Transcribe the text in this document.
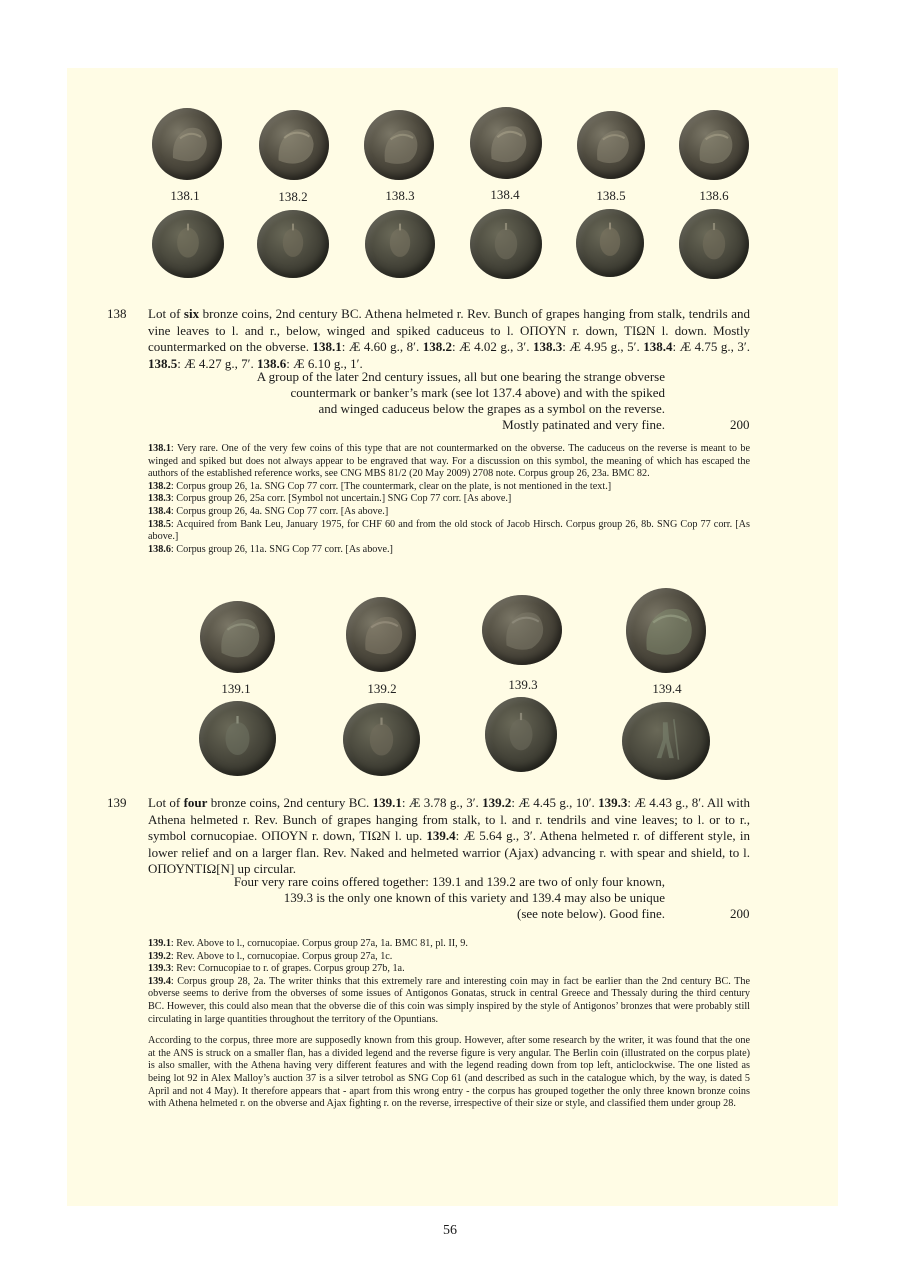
138.1	138.2	138.3	138.4	138.5	138.6
138 Lot of six bronze coins, 2nd century BC. Athena helmeted r. Rev. Bunch of grapes hanging from stalk, tendrils and vine leaves to l. and r., below, winged and spiked caduceus to l. ΟΠΟΥΝ r. down, ΤΙΩΝ l. down. Mostly countermarked on the obverse. 138.1: Æ 4.60 g., 8′. 138.2: Æ 4.02 g., 3′. 138.3: Æ 4.95 g., 5′. 138.4: Æ 4.75 g., 3′. 138.5: Æ 4.27 g., 7′. 138.6: Æ 6.10 g., 1′.
A group of the later 2nd century issues, all but one bearing the strange obverse
countermark or banker’s mark (see lot 137.4 above) and with the spiked
and winged caduceus below the grapes as a symbol on the reverse.
Mostly patinated and very fine.	200

138.1: Very rare. One of the very few coins of this type that are not countermarked on the obverse. The caduceus on the reverse is meant to be winged and spiked but does not always appear to be engraved that way. For a discussion on this symbol, the meaning of which has escaped the authors of the established reference works, see CNG MBS 81/2 (20 May 2009) 2708 note. Corpus group 26, 23a. BMC 82.

138.2: Corpus group 26, 1a. SNG Cop 77 corr. [The countermark, clear on the plate, is not mentioned in the text.]

138.3: Corpus group 26, 25a corr. [Symbol not uncertain.] SNG Cop 77 corr. [As above.]

138.4: Corpus group 26, 4a. SNG Cop 77 corr. [As above.]

138.5: Acquired from Bank Leu, January 1975, for CHF 60 and from the old stock of Jacob Hirsch. Corpus group 26, 8b. SNG Cop 77 corr. [As above.]

138.6: Corpus group 26, 11a. SNG Cop 77 corr. [As above.]

139.1	139.2	139.3	139.4
139 Lot of four bronze coins, 2nd century BC. 139.1: Æ 3.78 g., 3′. 139.2: Æ 4.45 g., 10′. 139.3: Æ 4.43 g., 8′. All with Athena helmeted r. Rev. Bunch of grapes hanging from stalk, to l. and r. tendrils and vine leaves; to l. or to r., symbol cornucopiae. ΟΠΟΥΝ r. down, ΤΙΩΝ l. up. 139.4: Æ 5.64 g., 3′. Athena helmeted r. of different style, in lower relief and on a larger flan. Rev. Naked and helmeted warrior (Ajax) advancing r. with spear and shield, to l. ΟΠΟΥΝΤΙΩ[Ν] up circular.
Four very rare coins offered together: 139.1 and 139.2 are two of only four known,
139.3 is the only one known of this variety and 139.4 may also be unique
(see note below). Good fine.	200

139.1: Rev. Above to l., cornucopiae. Corpus group 27a, 1a. BMC 81, pl. II, 9.

139.2: Rev. Above to l., cornucopiae. Corpus group 27a, 1c.

139.3: Rev: Cornucopiae to r. of grapes. Corpus group 27b, 1a.

139.4: Corpus group 28, 2a. The writer thinks that this extremely rare and interesting coin may in fact be earlier than the 2nd century BC. The obverse seems to derive from the obverses of some issues of Antigonos Gonatas, struck in central Greece and Thessaly during the third century BC. However, this could also mean that the obverse die of this coin was simply inspired by the style of Antigonos’ bronzes that were probably still circulating in large quantities throughout the territory of the Opuntians.

According to the corpus, three more are supposedly known from this group. However, after some research by the writer, it was found that the one at the ANS is struck on a smaller flan, has a divided legend and the reverse figure is very angular. The Berlin coin (illustrated on the corpus plate) is also smaller, with the Athena having very different features and with the legend reading down from top left, anticlockwise. The one listed as being lot 92 in Alex Malloy’s auction 37 is a silver tetrobol as SNG Cop 61 (and described as such in the catalogue which, by the way, is dated 5 April and not 4 May). It therefore appears that - apart from this wrong entry - the corpus has grouped together the only three known bronze coins with Athena helmeted r. on the obverse and Ajax fighting r. on the reverse, irrespective of their size or style, and classified them under group 28.

56
